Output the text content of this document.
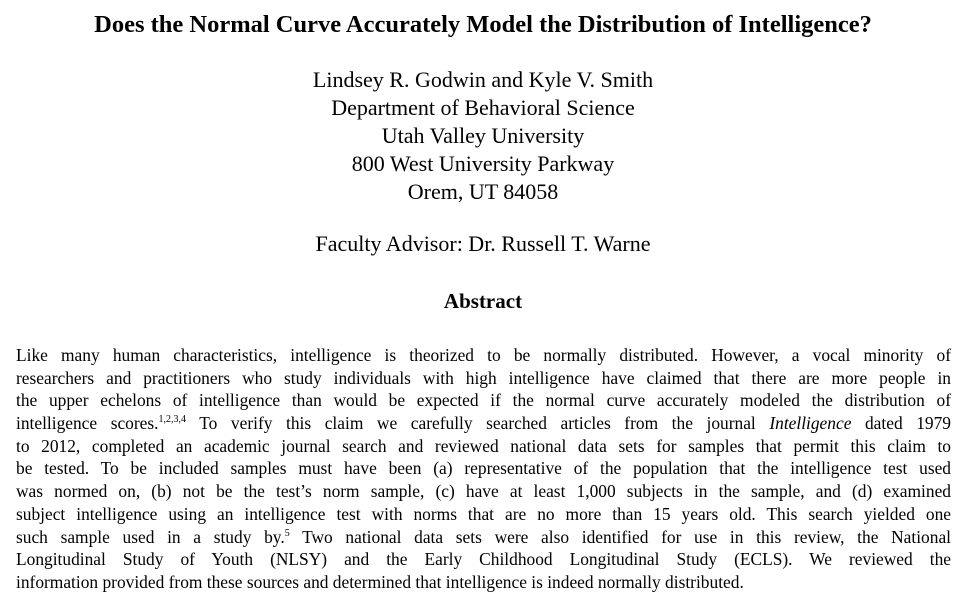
Does the Normal Curve Accurately Model the Distribution of Intelligence?
Lindsey R. Godwin and Kyle V. Smith
Department of Behavioral Science
Utah Valley University
800 West University Parkway
Orem, UT 84058
Faculty Advisor: Dr. Russell T. Warne
Abstract
Like many human characteristics, intelligence is theorized to be normally distributed. However, a vocal minority of
researchers and practitioners who study individuals with high intelligence have claimed that there are more people in
the upper echelons of intelligence than would be expected if the normal curve accurately modeled the distribution of
intelligence scores.$^{1,2,3,4}$ To verify this claim we carefully searched articles from the journal Intelligence dated 1979
to 2012, completed an academic journal search and reviewed national data sets for samples that permit this claim to
be tested. To be included samples must have been (a) representative of the population that the intelligence test used
was normed on, (b) not be the test’s norm sample, (c) have at least 1,000 subjects in the sample, and (d) examined
subject intelligence using an intelligence test with norms that are no more than 15 years old. This search yielded one
such sample used in a study by.$^5$ Two national data sets were also identified for use in this review, the National
Longitudinal Study of Youth (NLSY) and the Early Childhood Longitudinal Study (ECLS). We reviewed the
information provided from these sources and determined that intelligence is indeed normally distributed.
